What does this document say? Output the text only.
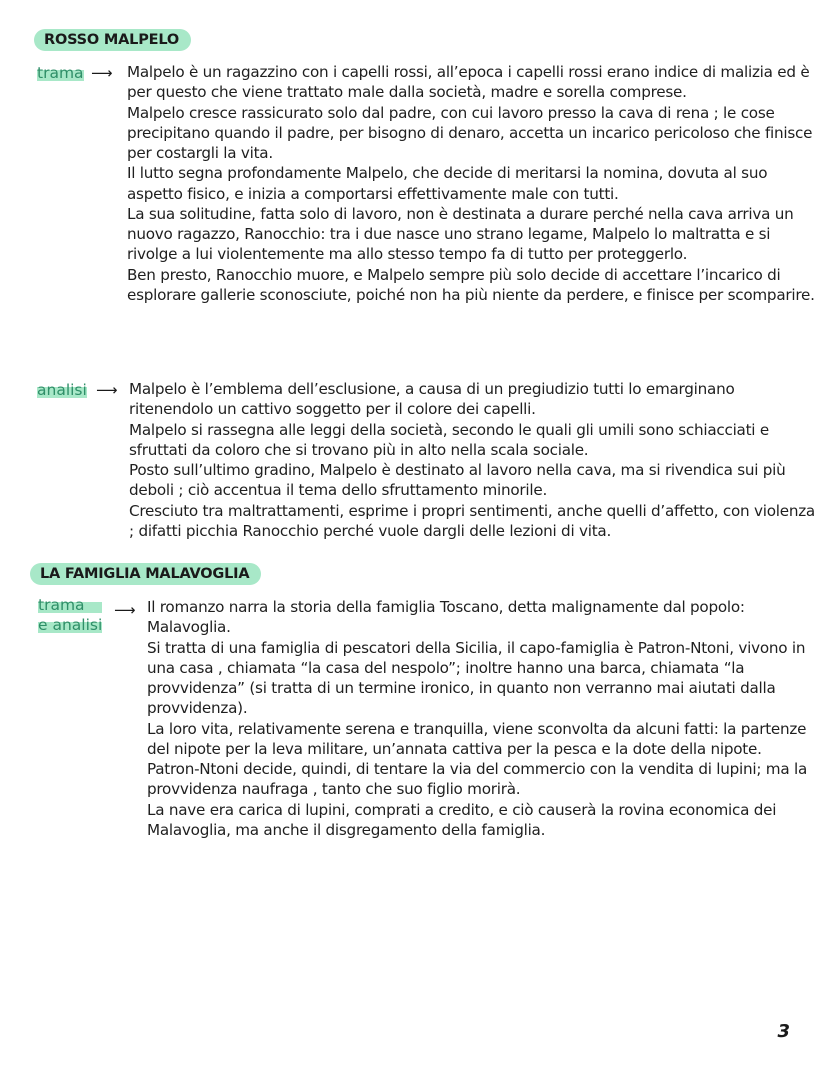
ROSSO MALPELO
trama ⟶ Malpelo è un ragazzino con i capelli rossi, all’epoca i capelli rossi erano indice di malizia ed è per questo che viene trattato male dalla società, madre e sorella comprese.

Malpelo cresce rassicurato solo dal padre, con cui lavoro presso la cava di rena ; le cose precipitano quando il padre, per bisogno di denaro, accetta un incarico pericoloso che finisce per costargli la vita.

Il lutto segna profondamente Malpelo, che decide di meritarsi la nomina, dovuta al suo aspetto fisico, e inizia a comportarsi effettivamente male con tutti.

La sua solitudine, fatta solo di lavoro, non è destinata a durare perché nella cava arriva un nuovo ragazzo, Ranocchio: tra i due nasce uno strano legame, Malpelo lo maltratta e si rivolge a lui violentemente ma allo stesso tempo fa di tutto per proteggerlo.

Ben presto, Ranocchio muore, e Malpelo sempre più solo decide di accettare l’incarico di esplorare gallerie sconosciute, poiché non ha più niente da perdere, e finisce per scomparire.

analisi ⟶ Malpelo è l’emblema dell’esclusione, a causa di un pregiudizio tutti lo emarginano ritenendolo un cattivo soggetto per il colore dei capelli.

Malpelo si rassegna alle leggi della società, secondo le quali gli umili sono schiacciati e sfruttati da coloro che si trovano più in alto nella scala sociale.

Posto sull’ultimo gradino, Malpelo è destinato al lavoro nella cava, ma si rivendica sui più deboli ; ciò accentua il tema dello sfruttamento minorile.

Cresciuto tra maltrattamenti, esprime i propri sentimenti, anche quelli d’affetto, con violenza ; difatti picchia Ranocchio perché vuole dargli delle lezioni di vita.

LA FAMIGLIA MALAVOGLIA
trama
e analisi
⟶ Il romanzo narra la storia della famiglia Toscano, detta malignamente dal popolo: Malavoglia.

Si tratta di una famiglia di pescatori della Sicilia, il capo-famiglia è Patron-Ntoni, vivono in una casa , chiamata “la casa del nespolo”; inoltre hanno una barca, chiamata “la provvidenza” (si tratta di un termine ironico, in quanto non verranno mai aiutati dalla provvidenza).

La loro vita, relativamente serena e tranquilla, viene sconvolta da alcuni fatti: la partenze del nipote per la leva militare, un’annata cattiva per la pesca e la dote della nipote.

Patron-Ntoni decide, quindi, di tentare la via del commercio con la vendita di lupini; ma la provvidenza naufraga , tanto che suo figlio morirà.

La nave era carica di lupini, comprati a credito, e ciò causerà la rovina economica dei Malavoglia, ma anche il disgregamento della famiglia.

3
